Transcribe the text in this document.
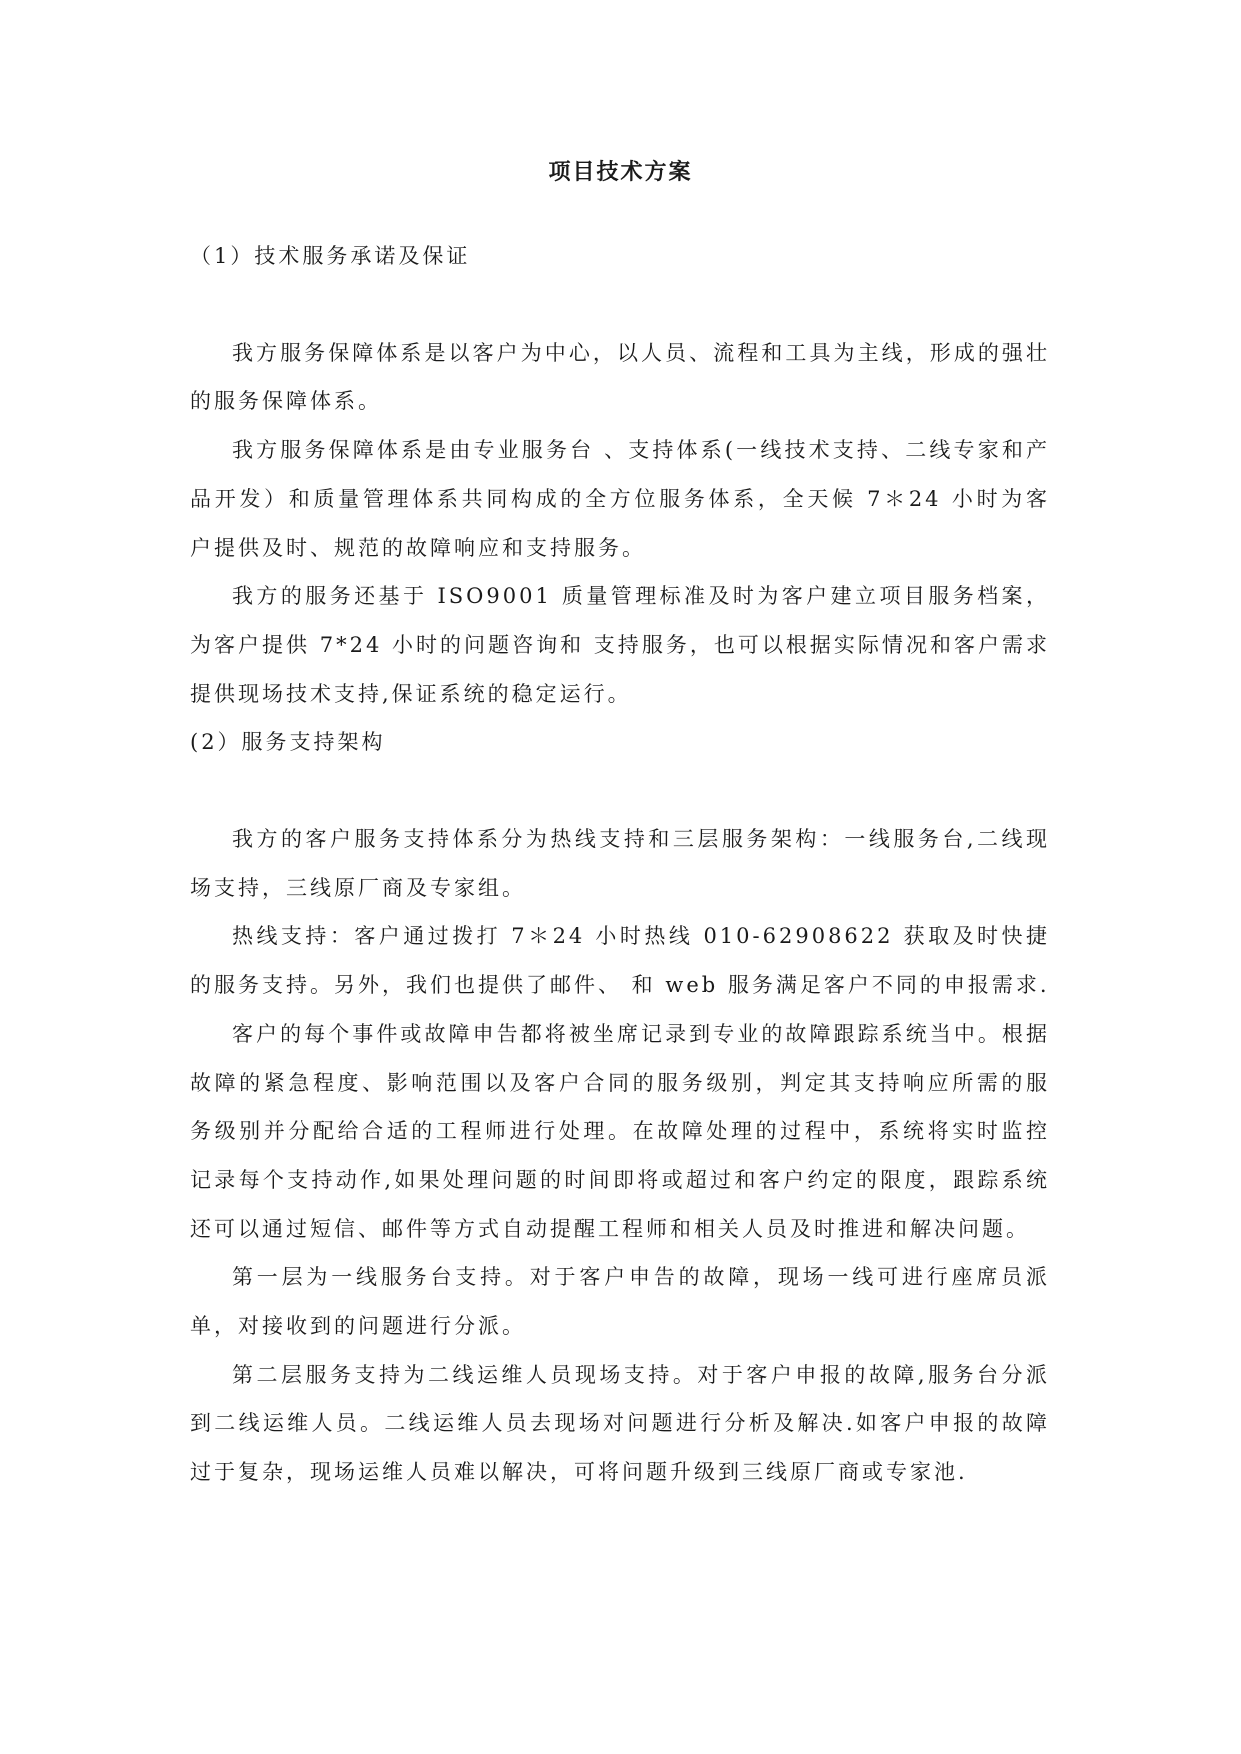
项目技术方案

（1）技术服务承诺及保证

我方服务保障体系是以客户为中心，以人员、流程和工具为主线，形成的强壮的服务保障体系。

我方服务保障体系是由专业服务台 、支持体系(一线技术支持、二线专家和产品开发）和质量管理体系共同构成的全方位服务体系，全天候 7＊24 小时为客户提供及时、规范的故障响应和支持服务。

我方的服务还基于 ISO9001 质量管理标准及时为客户建立项目服务档案，为客户提供 7*24 小时的问题咨询和 支持服务，也可以根据实际情况和客户需求提供现场技术支持,保证系统的稳定运行。

(2）服务支持架构

我方的客户服务支持体系分为热线支持和三层服务架构：一线服务台,二线现场支持，三线原厂商及专家组。

热线支持：客户通过拨打 7＊24 小时热线 010-62908622 获取及时快捷的服务支持。另外，我们也提供了邮件、 和 web 服务满足客户不同的申报需求.

客户的每个事件或故障申告都将被坐席记录到专业的故障跟踪系统当中。根据故障的紧急程度、影响范围以及客户合同的服务级别，判定其支持响应所需的服务级别并分配给合适的工程师进行处理。在故障处理的过程中，系统将实时监控记录每个支持动作,如果处理问题的时间即将或超过和客户约定的限度，跟踪系统还可以通过短信、邮件等方式自动提醒工程师和相关人员及时推进和解决问题。

第一层为一线服务台支持。对于客户申告的故障，现场一线可进行座席员派单，对接收到的问题进行分派。

第二层服务支持为二线运维人员现场支持。对于客户申报的故障,服务台分派到二线运维人员。二线运维人员去现场对问题进行分析及解决.如客户申报的故障过于复杂，现场运维人员难以解决，可将问题升级到三线原厂商或专家池.
